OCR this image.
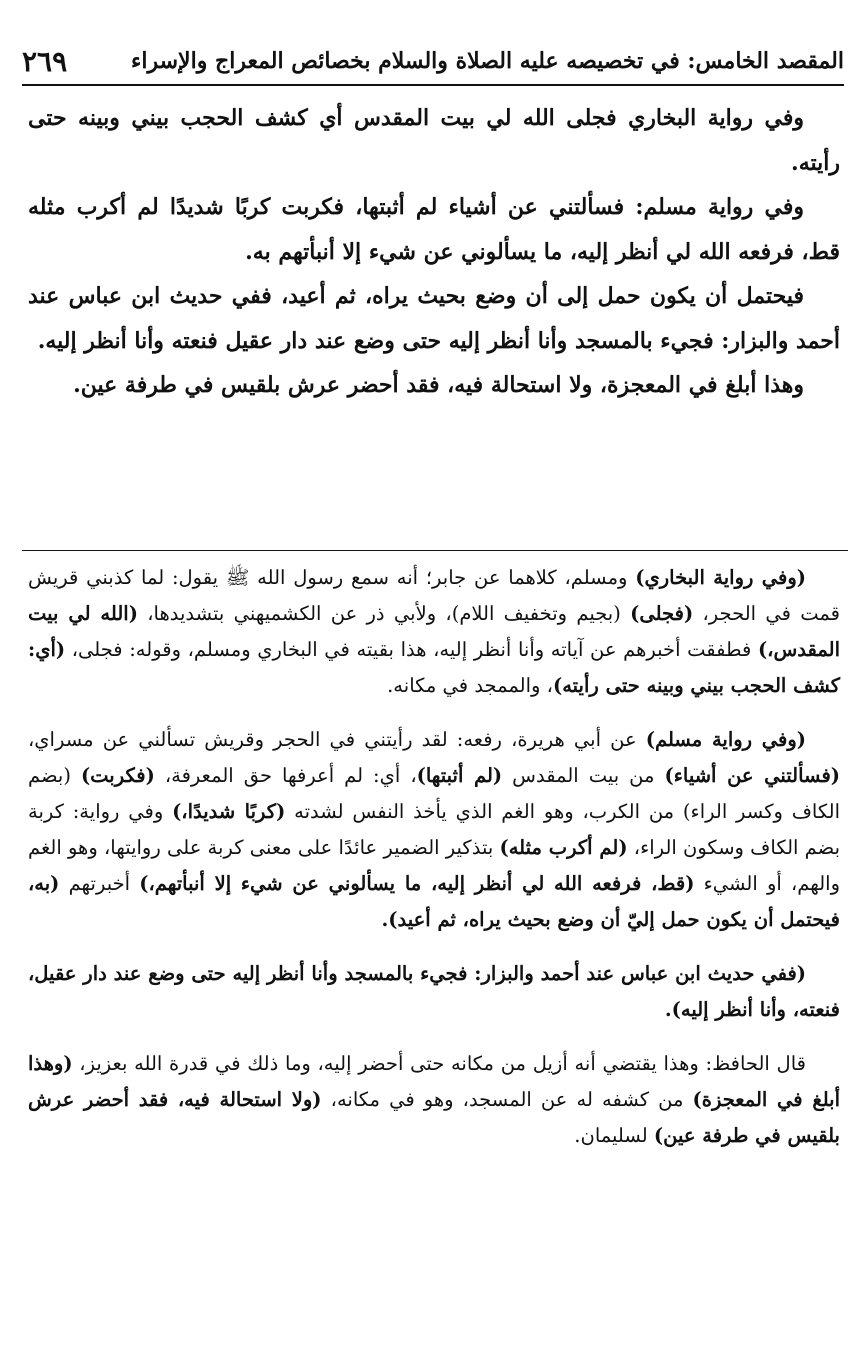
المقصد الخامس: في تخصيصه عليه الصلاة والسلام بخصائص المعراج والإسراء
٢٦٩

وفي رواية البخاري فجلى الله لي بيت المقدس أي كشف الحجب بيني وبينه حتى رأيته.

وفي رواية مسلم: فسألتني عن أشياء لم أثبتها، فكربت كربًا شديدًا لم أكرب مثله قط، فرفعه الله لي أنظر إليه، ما يسألوني عن شيء إلا أنبأتهم به.

فيحتمل أن يكون حمل إلى أن وضع بحيث يراه، ثم أعيد، ففي حديث ابن عباس عند أحمد والبزار: فجيء بالمسجد وأنا أنظر إليه حتى وضع عند دار عقيل فنعته وأنا أنظر إليه.

وهذا أبلغ في المعجزة، ولا استحالة فيه، فقد أحضر عرش بلقيس في طرفة عين.

(وفي رواية البخاري) ومسلم، كلاهما عن جابر؛ أنه سمع رسول الله ﷺ يقول: لما كذبني قريش قمت في الحجر، (فجلى) (بجيم وتخفيف اللام)، ولأبي ذر عن الكشميهني بتشديدها، (الله لي بيت المقدس،) فطفقت أخبرهم عن آياته وأنا أنظر إليه، هذا بقيته في البخاري ومسلم، وقوله: فجلى، (أي: كشف الحجب بيني وبينه حتى رأيته)، والممجد في مكانه.

(وفي رواية مسلم) عن أبي هريرة، رفعه: لقد رأيتني في الحجر وقريش تسألني عن مسراي، (فسألتني عن أشياء) من بيت المقدس (لم أثبتها)، أي: لم أعرفها حق المعرفة، (فكربت) (بضم الكاف وكسر الراء) من الكرب، وهو الغم الذي يأخذ النفس لشدته (كربًا شديدًا،) وفي رواية: كربة بضم الكاف وسكون الراء، (لم أكرب مثله) بتذكير الضمير عائدًا على معنى كربة على روايتها، وهو الغم والهم، أو الشيء (قط، فرفعه الله لي أنظر إليه، ما يسألوني عن شيء إلا أنبأتهم،) أخبرتهم (به، فيحتمل أن يكون حمل إليّ أن وضع بحيث يراه، ثم أعيد).

(ففي حديث ابن عباس عند أحمد والبزار: فجيء بالمسجد وأنا أنظر إليه حتى وضع عند دار عقيل، فنعته، وأنا أنظر إليه).

قال الحافظ: وهذا يقتضي أنه أزيل من مكانه حتى أحضر إليه، وما ذلك في قدرة الله بعزيز، (وهذا أبلغ في المعجزة) من كشفه له عن المسجد، وهو في مكانه، (ولا استحالة فيه، فقد أحضر عرش بلقيس في طرفة عين) لسليمان.
